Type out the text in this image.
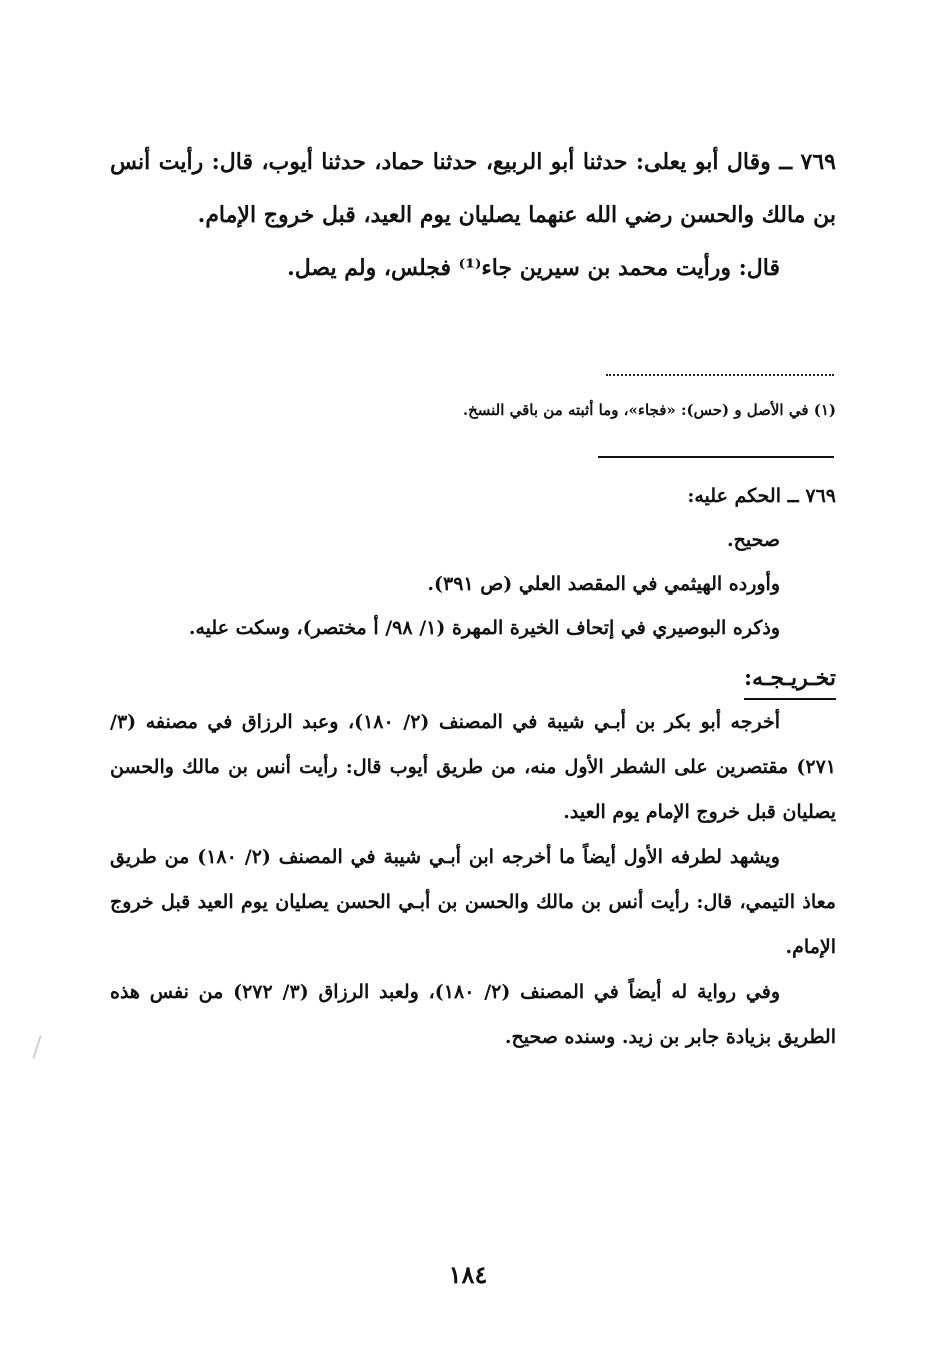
٧٦٩ ــ وقال أبو يعلى: حدثنا أبو الربيع، حدثنا حماد، حدثنا أيوب، قال: رأيت أنس بن مالك والحسن رضي الله عنهما يصليان يوم العيد، قبل خروج الإمام.

قال: ورأيت محمد بن سيرين جاء⁽¹⁾ فجلس، ولم يصل.

(١) في الأصل و (حس): «فجاء»، وما أثبته من باقي النسخ.

٧٦٩ ــ الحكم عليه:

صحيح.

وأورده الهيثمي في المقصد العلي (ص ٣٩١).

وذكره البوصيري في إتحاف الخيرة المهرة (١/ ٩٨/ أ مختصر)، وسكت عليه.

تخـريـجـه:

أخرجه أبو بكر بن أبـي شيبة في المصنف (٢/ ١٨٠)، وعبد الرزاق في مصنفه (٣/ ٢٧١) مقتصرين على الشطر الأول منه، من طريق أيوب قال: رأيت أنس بن مالك والحسن يصليان قبل خروج الإمام يوم العيد.

ويشهد لطرفه الأول أيضاً ما أخرجه ابن أبـي شيبة في المصنف (٢/ ١٨٠) من طريق معاذ التيمي، قال: رأيت أنس بن مالك والحسن بن أبـي الحسن يصليان يوم العيد قبل خروج الإمام.

وفي رواية له أيضاً في المصنف (٢/ ١٨٠)، ولعبد الرزاق (٣/ ٢٧٢) من نفس هذه الطريق بزيادة جابر بن زيد. وسنده صحيح.

١٨٤
